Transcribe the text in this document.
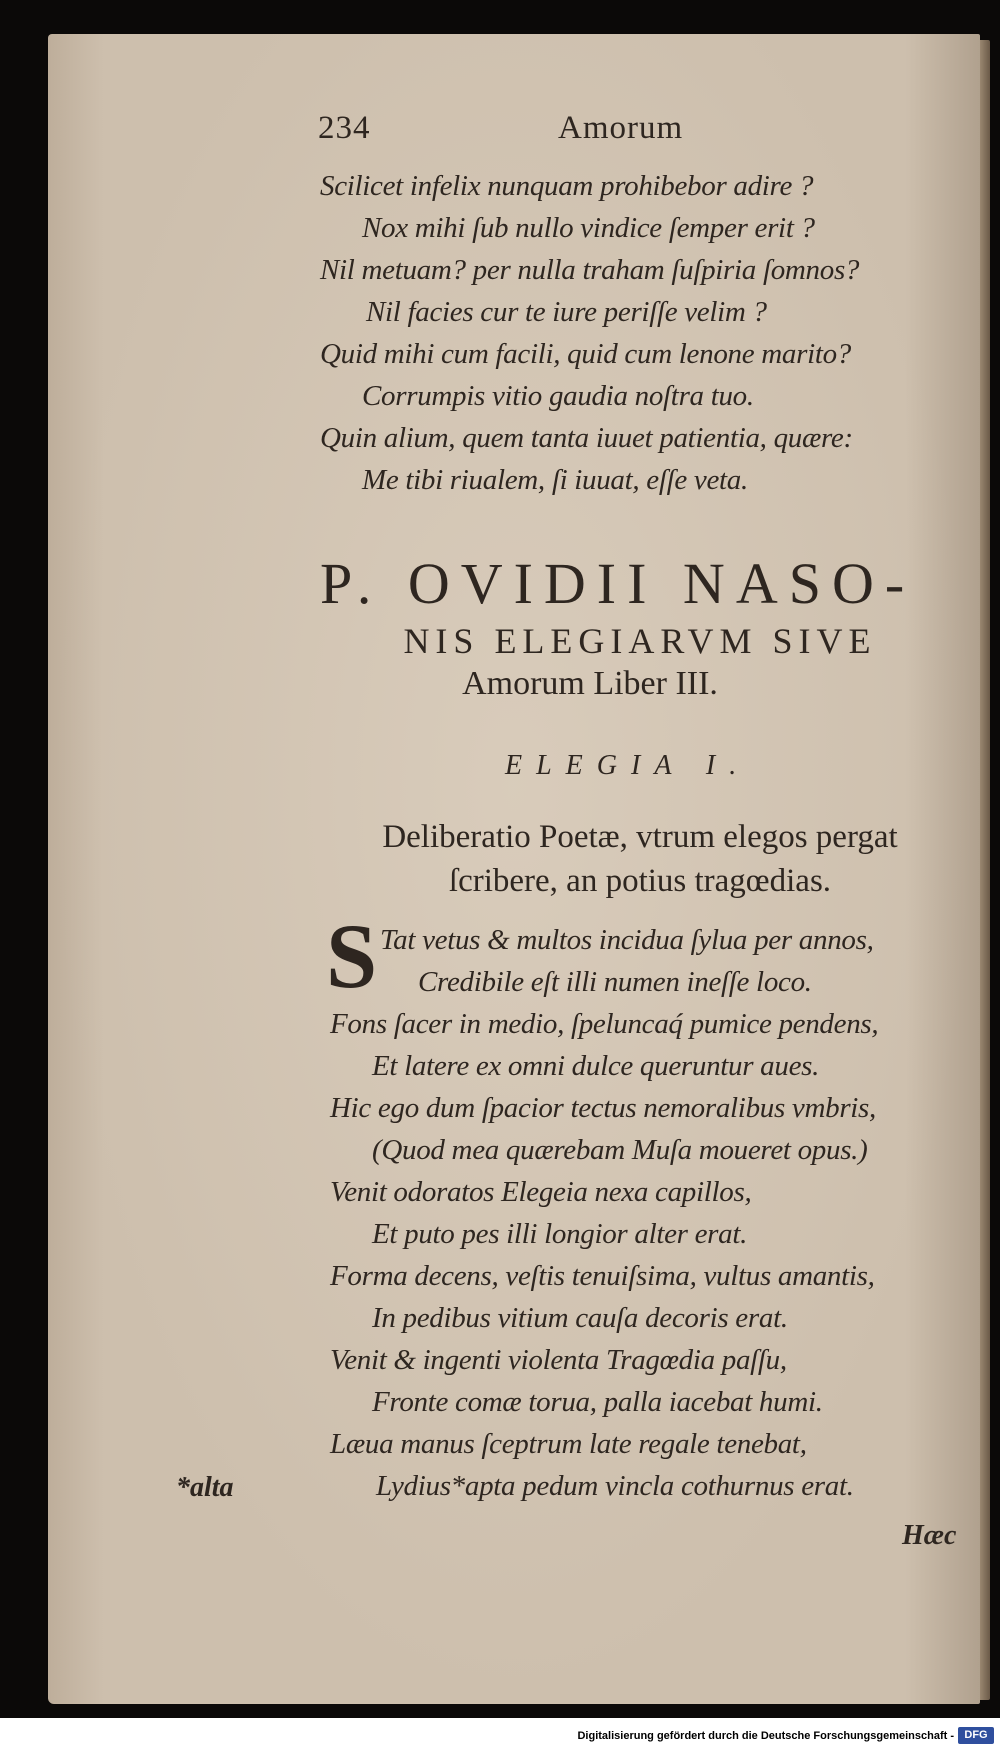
234	Amorum
Scilicet infelix nunquam prohibebor adire ?
Nox mihi ſub nullo vindice ſemper erit ?
Nil metuam? per nulla traham ſuſpiria ſomnos?
Nil facies cur te iure periſſe velim ?
Quid mihi cum facili, quid cum lenone marito?
Corrumpis vitio gaudia noſtra tuo.
Quin alium, quem tanta iuuet patientia, quære:
Me tibi riualem, ſi iuuat, eſſe veta.
P. OVIDII NASO-
NIS ELEGIARVM SIVE
Amorum Liber III.
ELEGIA I.
Deliberatio Poetæ, vtrum elegos pergat
ſcribere, an potius tragœdias.
S Tat vetus & multos incidua ſylua per annos,
Credibile eſt illi numen ineſſe loco.
Fons ſacer in medio, ſpeluncaq́ pumice pendens,
Et latere ex omni dulce queruntur aues.
Hic ego dum ſpacior tectus nemoralibus vmbris,
(Quod mea quærebam Muſa moueret opus.)
Venit odoratos Elegeia nexa capillos,
Et puto pes illi longior alter erat.
Forma decens, veſtis tenuiſsima, vultus amantis,
In pedibus vitium cauſa decoris erat.
Venit & ingenti violenta Tragœdia paſſu,
Fronte comæ torua, palla iacebat humi.
Læua manus ſceptrum late regale tenebat,
Lydius*apta pedum vincla cothurnus erat.
*alta
Hæc
Digitalisierung gefördert durch die Deutsche Forschungsgemeinschaft - DFG
